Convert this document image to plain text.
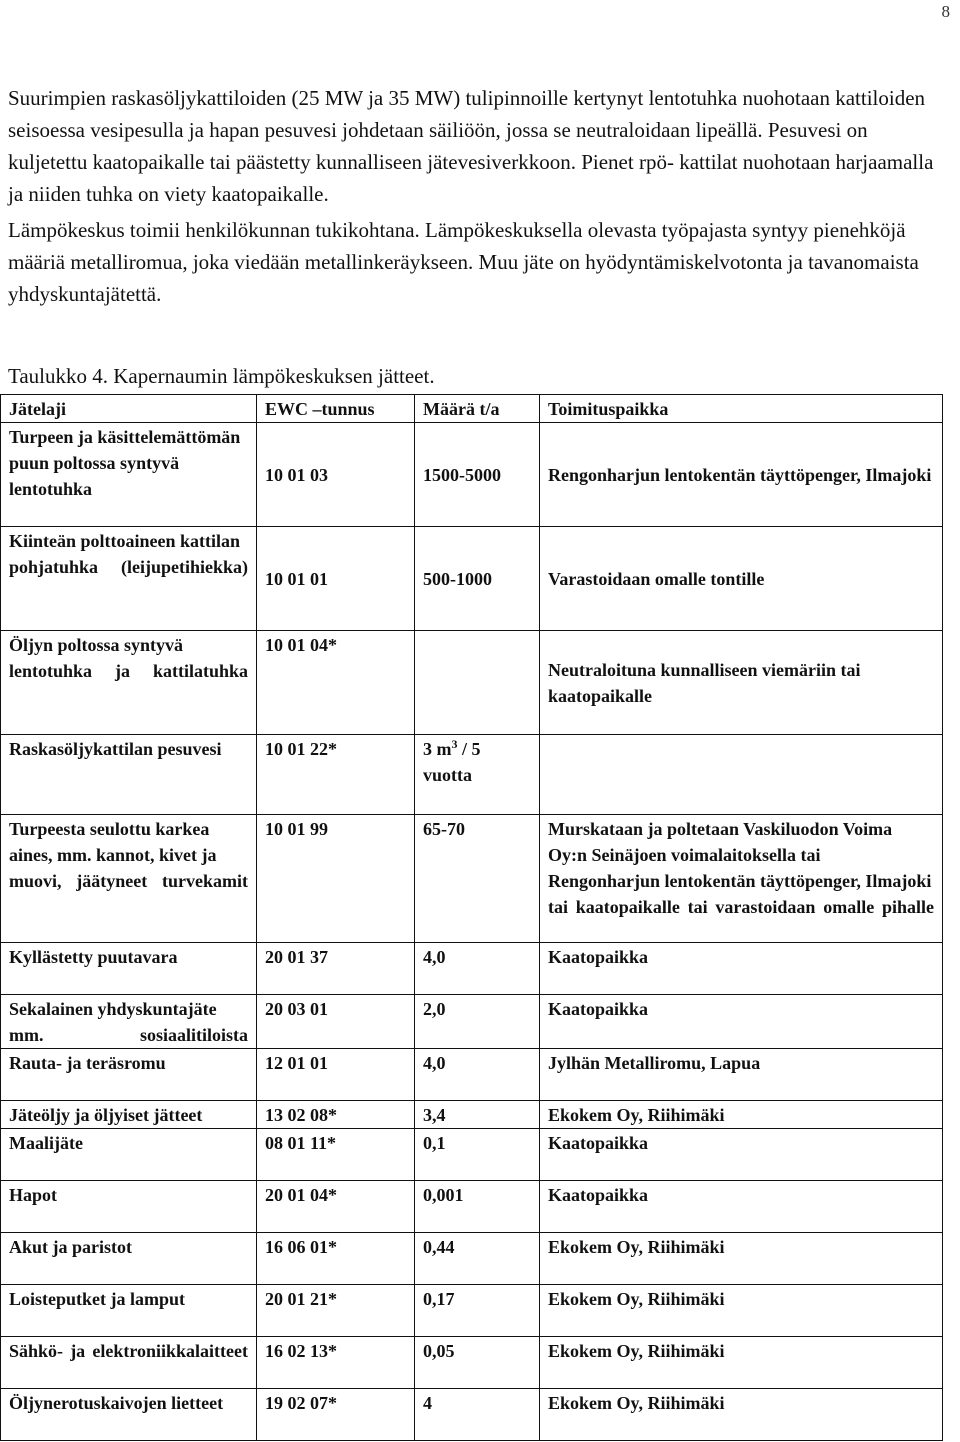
8

Suurimpien raskasöljykattiloiden (25 MW ja 35 MW) tulipinnoille kertynyt lentotuhka nuohotaan kattiloiden seisoessa vesipesulla ja hapan pesuvesi johdetaan säiliöön, jossa se neutraloidaan lipeällä. Pesuvesi on kuljetettu kaatopaikalle tai päästetty kunnalliseen jätevesiverkkoon. Pienet rpö- kattilat nuohotaan harjaamalla ja niiden tuhka on viety kaatopaikalle.

Lämpökeskus toimii henkilökunnan tukikohtana. Lämpökeskuksella olevasta työpajasta syntyy pienehköjä määriä metalliromua, joka viedään metallinkeräykseen. Muu jäte on hyödyntämiskelvotonta ja tavanomaista yhdyskuntajätettä.

Taulukko 4. Kapernaumin lämpökeskuksen jätteet.
Jätelaji	EWC –tunnus	Määrä t/a	Toimituspaikka
Turpeen ja käsittelemättömän puun poltossa syntyvä lentotuhka	10 01 03	1500-5000	Rengonharjun lentokentän täyttöpenger, Ilmajoki
Kiinteän polttoaineen kattilan pohjatuhka (leijupetihiekka)	10 01 01	500-1000	Varastoidaan omalle tontille
Öljyn poltossa syntyvä lentotuhka ja kattilatuhka	10 01 04*		Neutraloituna kunnalliseen viemäriin tai kaatopaikalle
Raskasöljykattilan pesuvesi	10 01 22*	3 $m^3 / 5$ vuotta	
Turpeesta seulottu karkea aines, mm. kannot, kivet ja muovi, jäätyneet turvekamit	10 01 99	65-70	Murskataan ja poltetaan Vaskiluodon Voima Oy:n Seinäjoen voimalaitoksella tai Rengonharjun lentokentän täyttöpenger, Ilmajoki tai kaatopaikalle tai varastoidaan omalle pihalle
Kyllästetty puutavara	20 01 37	4,0	Kaatopaikka
Sekalainen yhdyskuntajäte mm. sosiaalitiloista	20 03 01	2,0	Kaatopaikka
Rauta- ja teräsromu	12 01 01	4,0	Jylhän Metalliromu, Lapua
Jäteöljy ja öljyiset jätteet	13 02 08*	3,4	Ekokem Oy, Riihimäki
Maalijäte	08 01 11*	0,1	Kaatopaikka
Hapot	20 01 04*	0,001	Kaatopaikka
Akut ja paristot	16 06 01*	0,44	Ekokem Oy, Riihimäki
Loisteputket ja lamput	20 01 21*	0,17	Ekokem Oy, Riihimäki
Sähkö- ja elektroniikkalaitteet	16 02 13*	0,05	Ekokem Oy, Riihimäki
Öljynerotuskaivojen lietteet	19 02 07*	4	Ekokem Oy, Riihimäki
